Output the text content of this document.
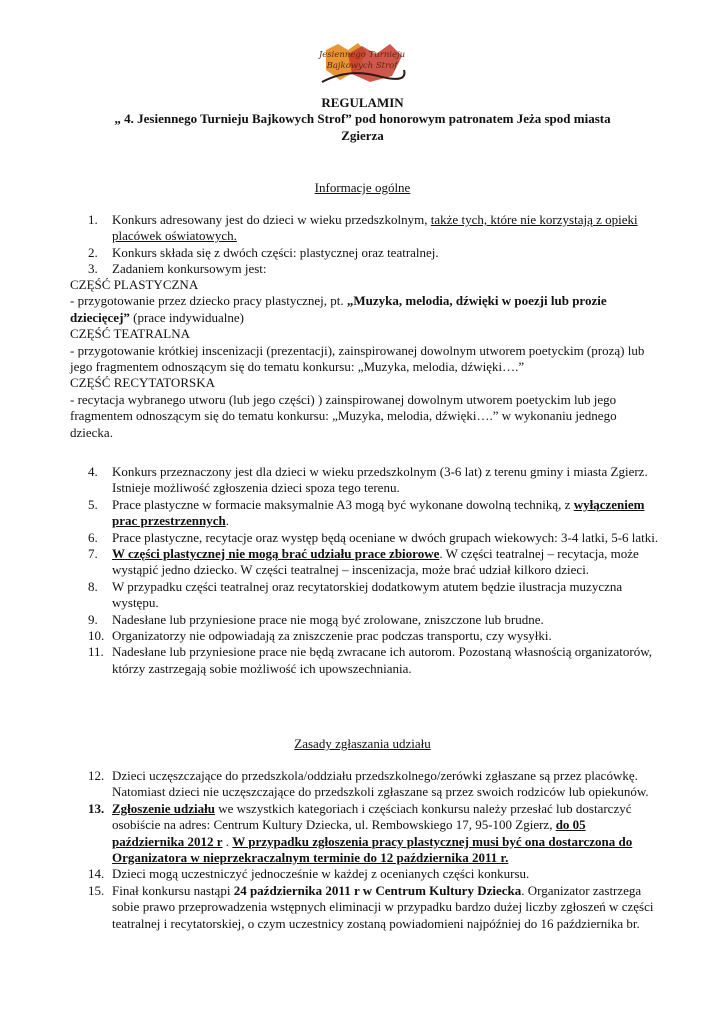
Jesiennego Turnieju
Bajkowych Strof
REGULAMIN
„ 4. Jesiennego Turnieju Bajkowych Strof” pod honorowym patronatem Jeża spod miasta
Zgierza
Informacje ogólne
1.	Konkurs adresowany jest do dzieci w wieku przedszkolnym, także tych, które nie korzystają z opieki placówek oświatowych.
2.	Konkurs składa się z dwóch części: plastycznej oraz teatralnej.
3.	Zadaniem konkursowym jest:
CZĘŚĆ PLASTYCZNA
- przygotowanie przez dziecko pracy plastycznej, pt. „Muzyka, melodia, dźwięki w poezji lub prozie dziecięcej” (prace indywidualne)
CZĘŚĆ TEATRALNA
- przygotowanie krótkiej inscenizacji (prezentacji), zainspirowanej dowolnym utworem poetyckim (prozą) lub jego fragmentem odnoszącym się do tematu konkursu: „Muzyka, melodia, dźwięki….”
CZĘŚĆ RECYTATORSKA
- recytacja wybranego utworu (lub jego części) ) zainspirowanej dowolnym utworem poetyckim lub jego fragmentem odnoszącym się do tematu konkursu: „Muzyka, melodia, dźwięki….” w wykonaniu jednego dziecka.
4.	Konkurs przeznaczony jest dla dzieci w wieku przedszkolnym (3-6 lat) z terenu gminy i miasta Zgierz. Istnieje możliwość zgłoszenia dzieci spoza tego terenu.
5.	Prace plastyczne w formacie maksymalnie A3 mogą być wykonane dowolną techniką, z wyłączeniem prac przestrzennych.
6.	Prace plastyczne, recytacje oraz występ będą oceniane w dwóch grupach wiekowych: 3-4 latki, 5-6 latki.
7.	W części plastycznej nie mogą brać udziału prace zbiorowe. W części teatralnej – recytacja, może wystąpić jedno dziecko. W części teatralnej – inscenizacja, może brać udział kilkoro dzieci.
8.	W przypadku części teatralnej oraz recytatorskiej dodatkowym atutem będzie ilustracja muzyczna występu.
9.	Nadesłane lub przyniesione prace nie mogą być zrolowane, zniszczone lub brudne.
10. Organizatorzy nie odpowiadają za zniszczenie prac podczas transportu, czy wysyłki.
11. Nadesłane lub przyniesione prace nie będą zwracane ich autorom. Pozostaną własnością organizatorów, którzy zastrzegają sobie możliwość ich upowszechniania.
Zasady zgłaszania udziału
12. Dzieci uczęszczające do przedszkola/oddziału przedszkolnego/zerówki zgłaszane są przez placówkę. Natomiast dzieci nie uczęszczające do przedszkoli zgłaszane są przez swoich rodziców lub opiekunów.
13. Zgłoszenie udziału we wszystkich kategoriach i częściach konkursu należy przesłać lub dostarczyć osobiście na adres: Centrum Kultury Dziecka, ul. Rembowskiego 17, 95-100 Zgierz, do 05 października 2012 r . W przypadku zgłoszenia pracy plastycznej musi być ona dostarczona do Organizatora w nieprzekraczalnym terminie do 12 października 2011 r.
14. Dzieci mogą uczestniczyć jednocześnie w każdej z ocenianych części konkursu.
15. Finał konkursu nastąpi 24 października 2011 r w Centrum Kultury Dziecka. Organizator zastrzega sobie prawo przeprowadzenia wstępnych eliminacji w przypadku bardzo dużej liczby zgłoszeń w części teatralnej i recytatorskiej, o czym uczestnicy zostaną powiadomieni najpóźniej do 16 października br.
